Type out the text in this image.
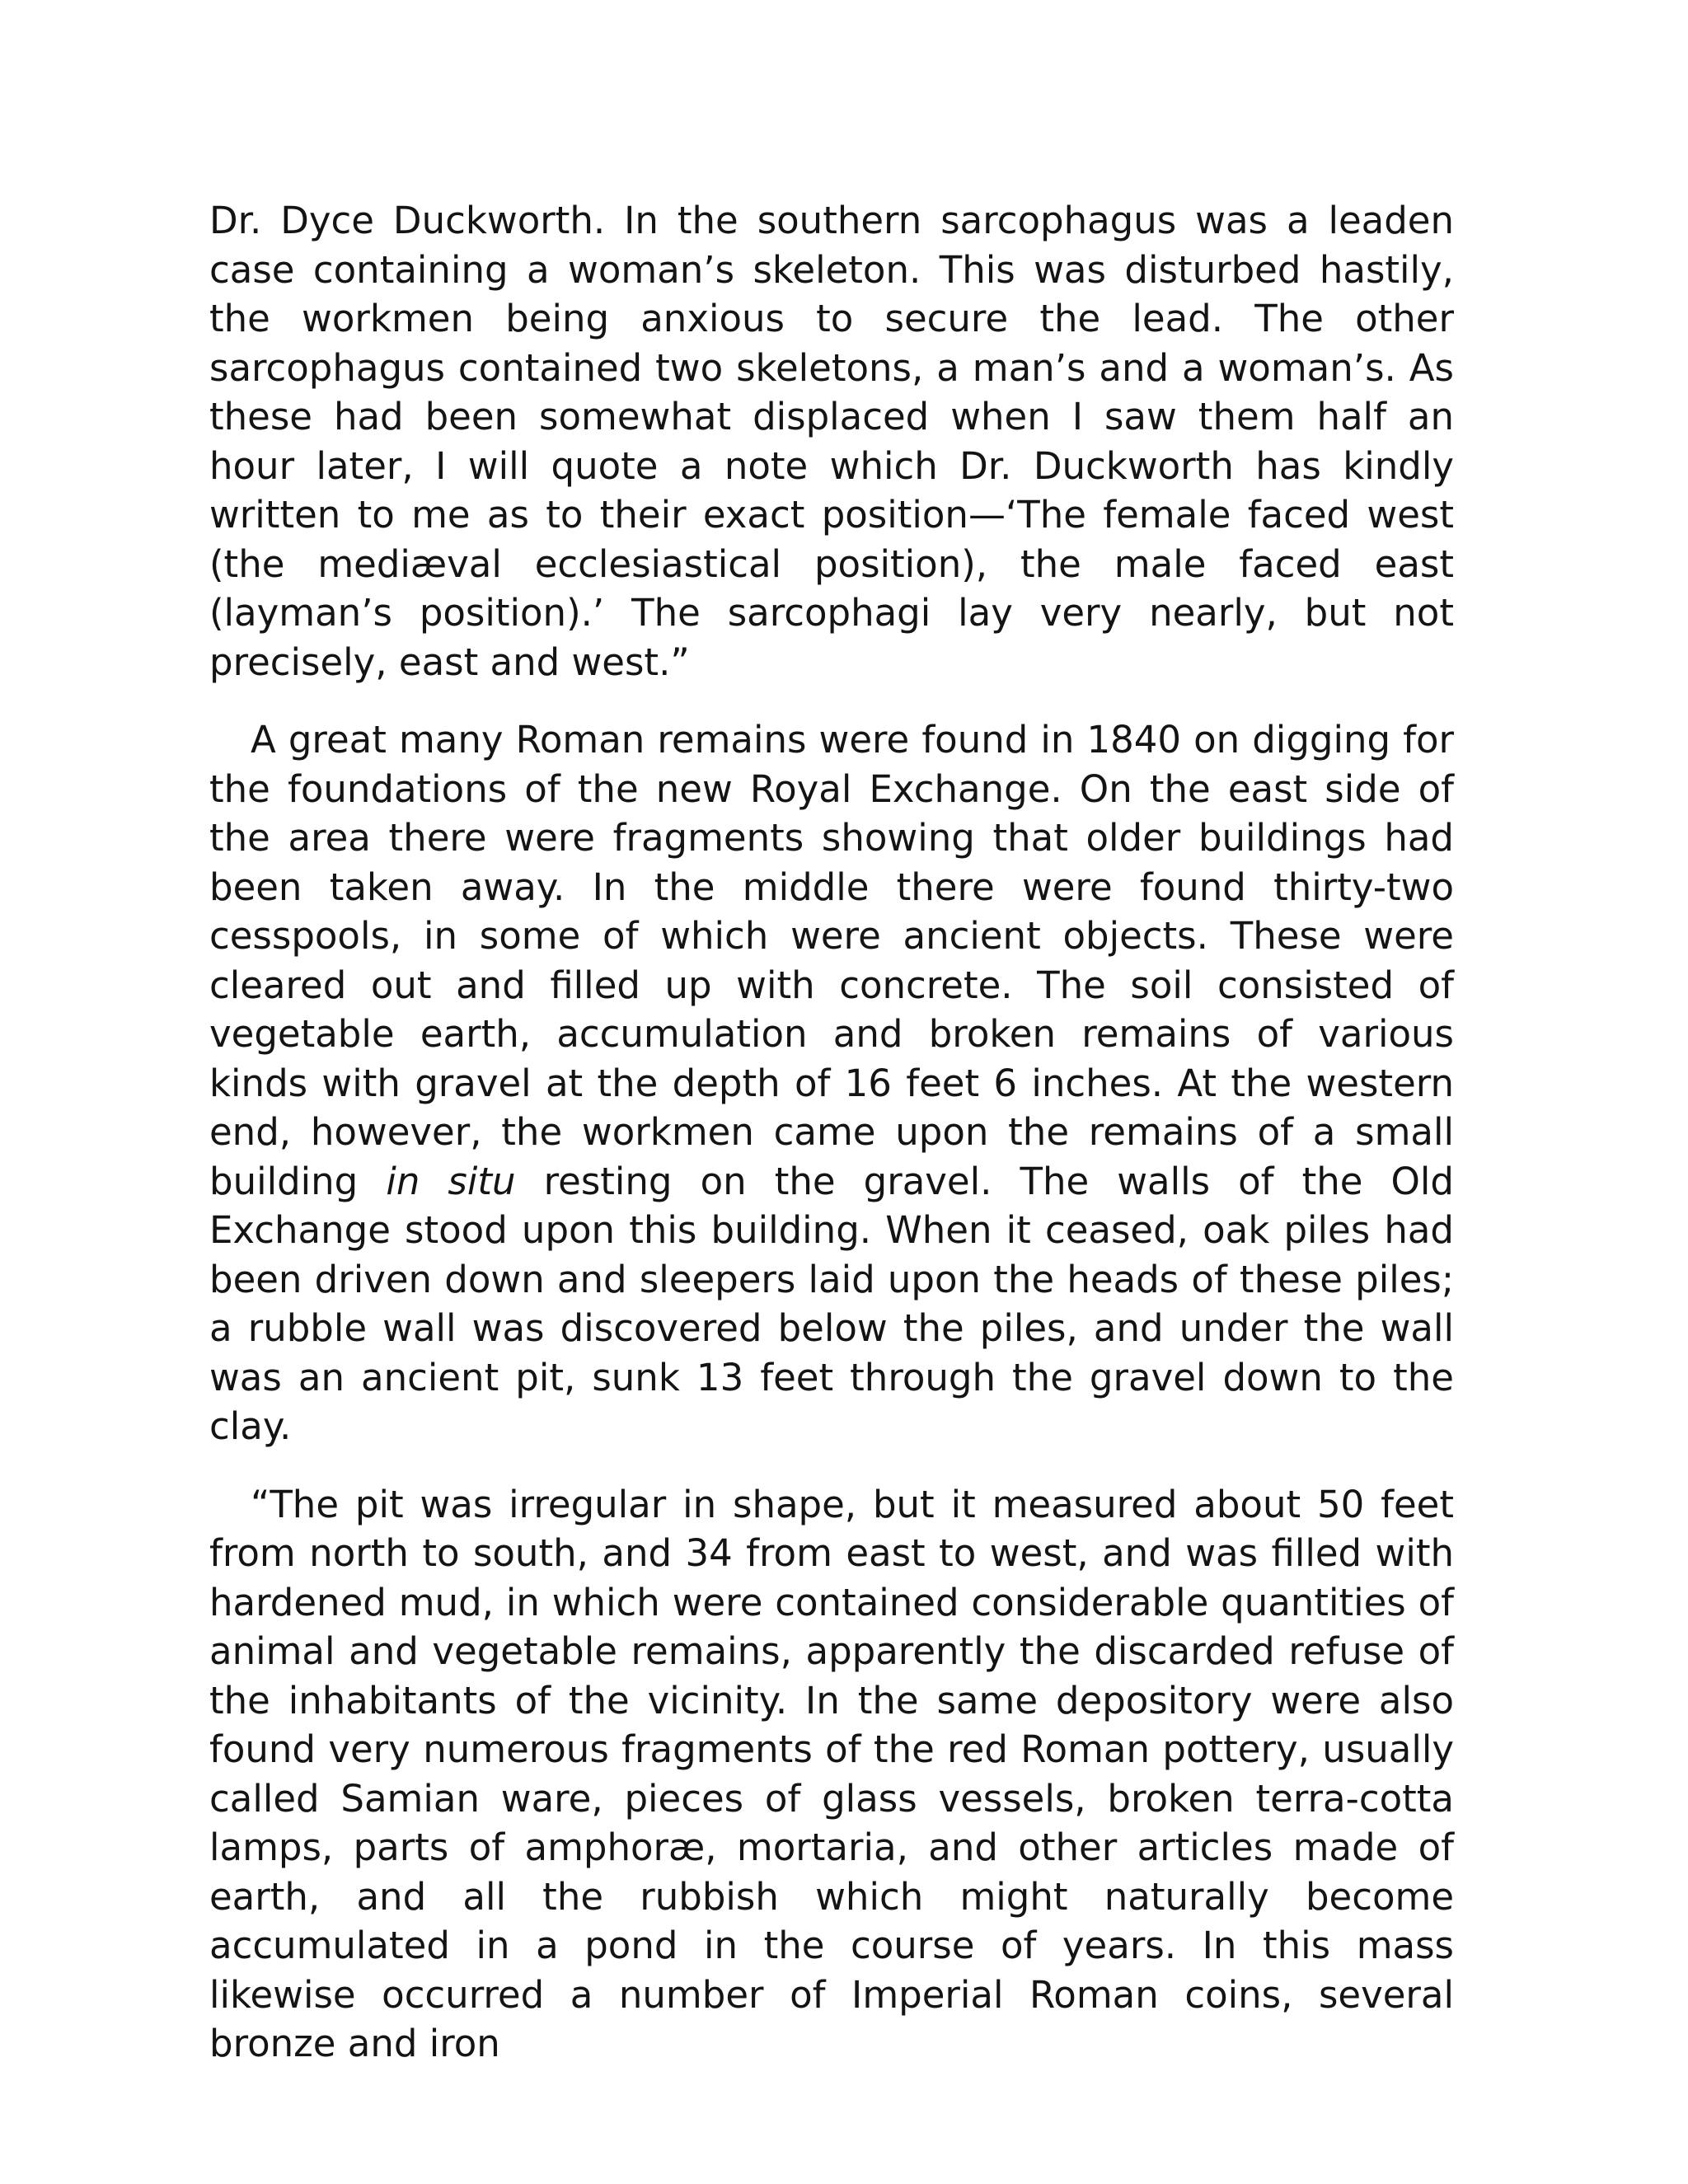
Dr. Dyce Duckworth. In the southern sarcophagus was a leaden case containing a woman’s skeleton. This was disturbed hastily, the workmen being anxious to secure the lead. The other sarcophagus contained two skeletons, a man’s and a woman’s. As these had been somewhat displaced when I saw them half an hour later, I will quote a note which Dr. Duckworth has kindly written to me as to their exact position—‘The female faced west (the mediæval ecclesiastical position), the male faced east (layman’s position).’ The sarcophagi lay very nearly, but not precisely, east and west.”

A great many Roman remains were found in 1840 on digging for the foundations of the new Royal Exchange. On the east side of the area there were fragments showing that older buildings had been taken away. In the middle there were found thirty-two cesspools, in some of which were ancient objects. These were cleared out and filled up with concrete. The soil consisted of vegetable earth, accumulation and broken remains of various kinds with gravel at the depth of 16 feet 6 inches. At the western end, however, the workmen came upon the remains of a small building in situ resting on the gravel. The walls of the Old Exchange stood upon this building. When it ceased, oak piles had been driven down and sleepers laid upon the heads of these piles; a rubble wall was discovered below the piles, and under the wall was an ancient pit, sunk 13 feet through the gravel down to the clay.

“The pit was irregular in shape, but it measured about 50 feet from north to south, and 34 from east to west, and was filled with hardened mud, in which were contained considerable quantities of animal and vegetable remains, apparently the discarded refuse of the inhabitants of the vicinity. In the same depository were also found very numerous fragments of the red Roman pottery, usually called Samian ware, pieces of glass vessels, broken terra-cotta lamps, parts of amphoræ, mortaria, and other articles made of earth, and all the rubbish which might naturally become accumulated in a pond in the course of years. In this mass likewise occurred a number of Imperial Roman coins, several bronze and iron
